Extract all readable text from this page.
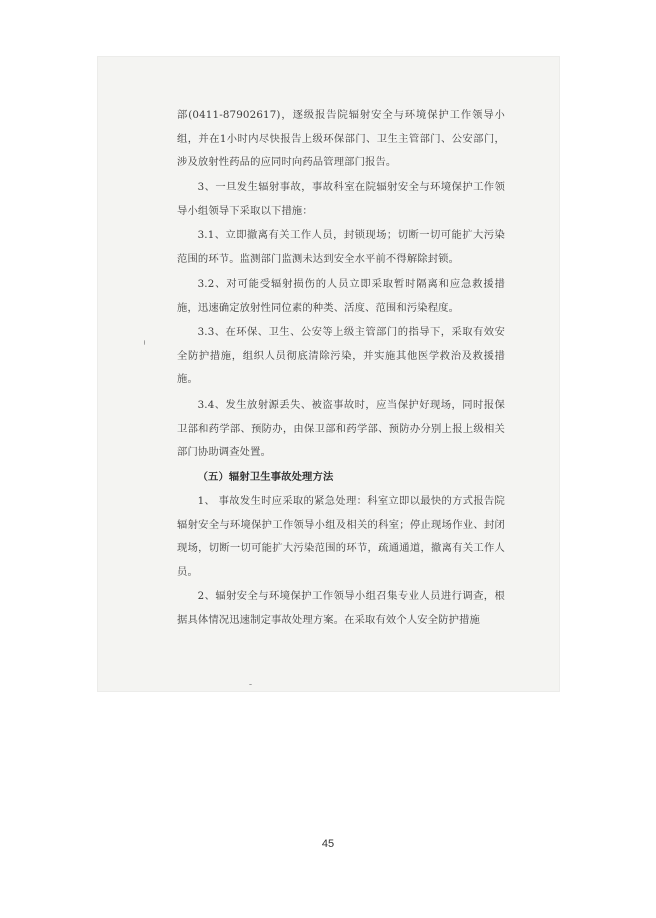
部(0411-87902617)，逐级报告院辐射安全与环境保护工作领导小组，并在1小时内尽快报告上级环保部门、卫生主管部门、公安部门，涉及放射性药品的应同时向药品管理部门报告。

3、一旦发生辐射事故，事故科室在院辐射安全与环境保护工作领导小组领导下采取以下措施：

3.1、立即撤离有关工作人员，封锁现场；切断一切可能扩大污染范围的环节。监测部门监测未达到安全水平前不得解除封锁。

3.2、对可能受辐射损伤的人员立即采取暂时隔离和应急救援措施，迅速确定放射性同位素的种类、活度、范围和污染程度。

3.3、在环保、卫生、公安等上级主管部门的指导下，采取有效安全防护措施，组织人员彻底清除污染，并实施其他医学救治及救援措施。

3.4、发生放射源丢失、被盗事故时，应当保护好现场，同时报保卫部和药学部、预防办，由保卫部和药学部、预防办分别上报上级相关部门协助调查处置。

（五）辐射卫生事故处理方法

1、 事故发生时应采取的紧急处理：科室立即以最快的方式报告院辐射安全与环境保护工作领导小组及相关的科室；停止现场作业、封闭现场，切断一切可能扩大污染范围的环节，疏通通道，撤离有关工作人员。

2、辐射安全与环境保护工作领导小组召集专业人员进行调查，根据具体情况迅速制定事故处理方案。在采取有效个人安全防护措施

45
